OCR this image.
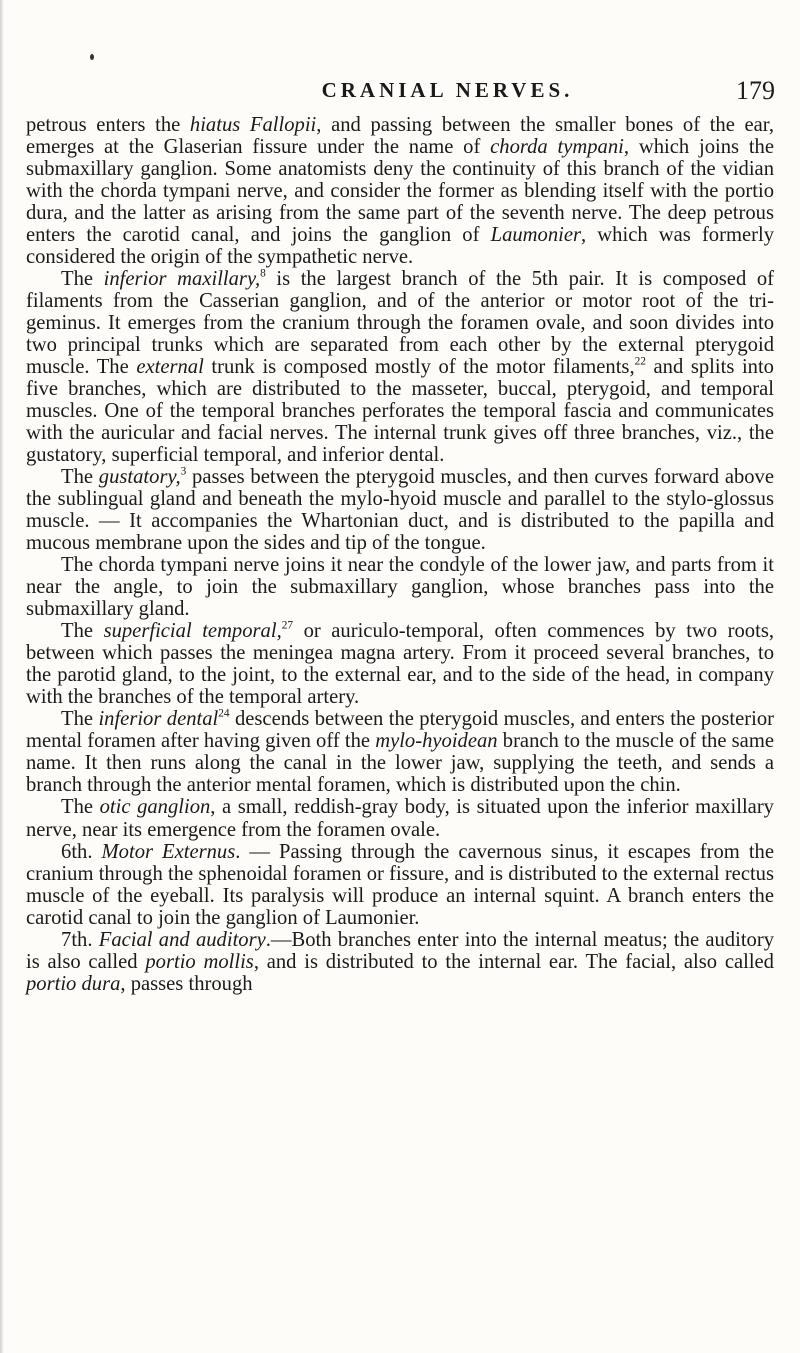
CRANIAL NERVES.	179

petrous enters the hiatus Fallopii, and passing between the smaller bones of the ear, emerges at the Glaserian fissure under the name of chorda tympani, which joins the submaxillary ganglion. Some anatomists deny the continuity of this branch of the vidian with the chorda tympani nerve, and consider the former as blending itself with the portio dura, and the latter as arising from the same part of the seventh nerve. The deep petrous enters the carotid canal, and joins the ganglion of Laumonier, which was formerly considered the origin of the sympathetic nerve.

The inferior maxillary,$^8$ is the largest branch of the 5th pair. It is composed of filaments from the Casserian ganglion, and of the anterior or motor root of the tri-geminus. It emerges from the cranium through the foramen ovale, and soon divides into two principal trunks which are separated from each other by the external pterygoid muscle. The external trunk is composed mostly of the motor filaments,$^{22}$ and splits into five branches, which are distributed to the masseter, buccal, pterygoid, and temporal muscles. One of the temporal branches perforates the temporal fascia and communicates with the auricular and facial nerves. The internal trunk gives off three branches, viz., the gustatory, superficial temporal, and inferior dental.

The gustatory,$^3$ passes between the pterygoid muscles, and then curves forward above the sublingual gland and beneath the mylo-hyoid muscle and parallel to the stylo-glossus muscle. — It accompanies the Whartonian duct, and is distributed to the papilla and mucous membrane upon the sides and tip of the tongue.

The chorda tympani nerve joins it near the condyle of the lower jaw, and parts from it near the angle, to join the submaxillary ganglion, whose branches pass into the submaxillary gland.

The superficial temporal,$^{27}$ or auriculo-temporal, often commences by two roots, between which passes the meningea magna artery. From it proceed several branches, to the parotid gland, to the joint, to the external ear, and to the side of the head, in company with the branches of the temporal artery.

The inferior dental$^{24}$ descends between the pterygoid muscles, and enters the posterior mental foramen after having given off the mylo-hyoidean branch to the muscle of the same name. It then runs along the canal in the lower jaw, supplying the teeth, and sends a branch through the anterior mental foramen, which is distributed upon the chin.

The otic ganglion, a small, reddish-gray body, is situated upon the inferior maxillary nerve, near its emergence from the foramen ovale.

6th. Motor Externus. — Passing through the cavernous sinus, it escapes from the cranium through the sphenoidal foramen or fissure, and is distributed to the external rectus muscle of the eyeball. Its paralysis will produce an internal squint. A branch enters the carotid canal to join the ganglion of Laumonier.

7th. Facial and auditory.—Both branches enter into the internal meatus; the auditory is also called portio mollis, and is distributed to the internal ear. The facial, also called portio dura, passes through
